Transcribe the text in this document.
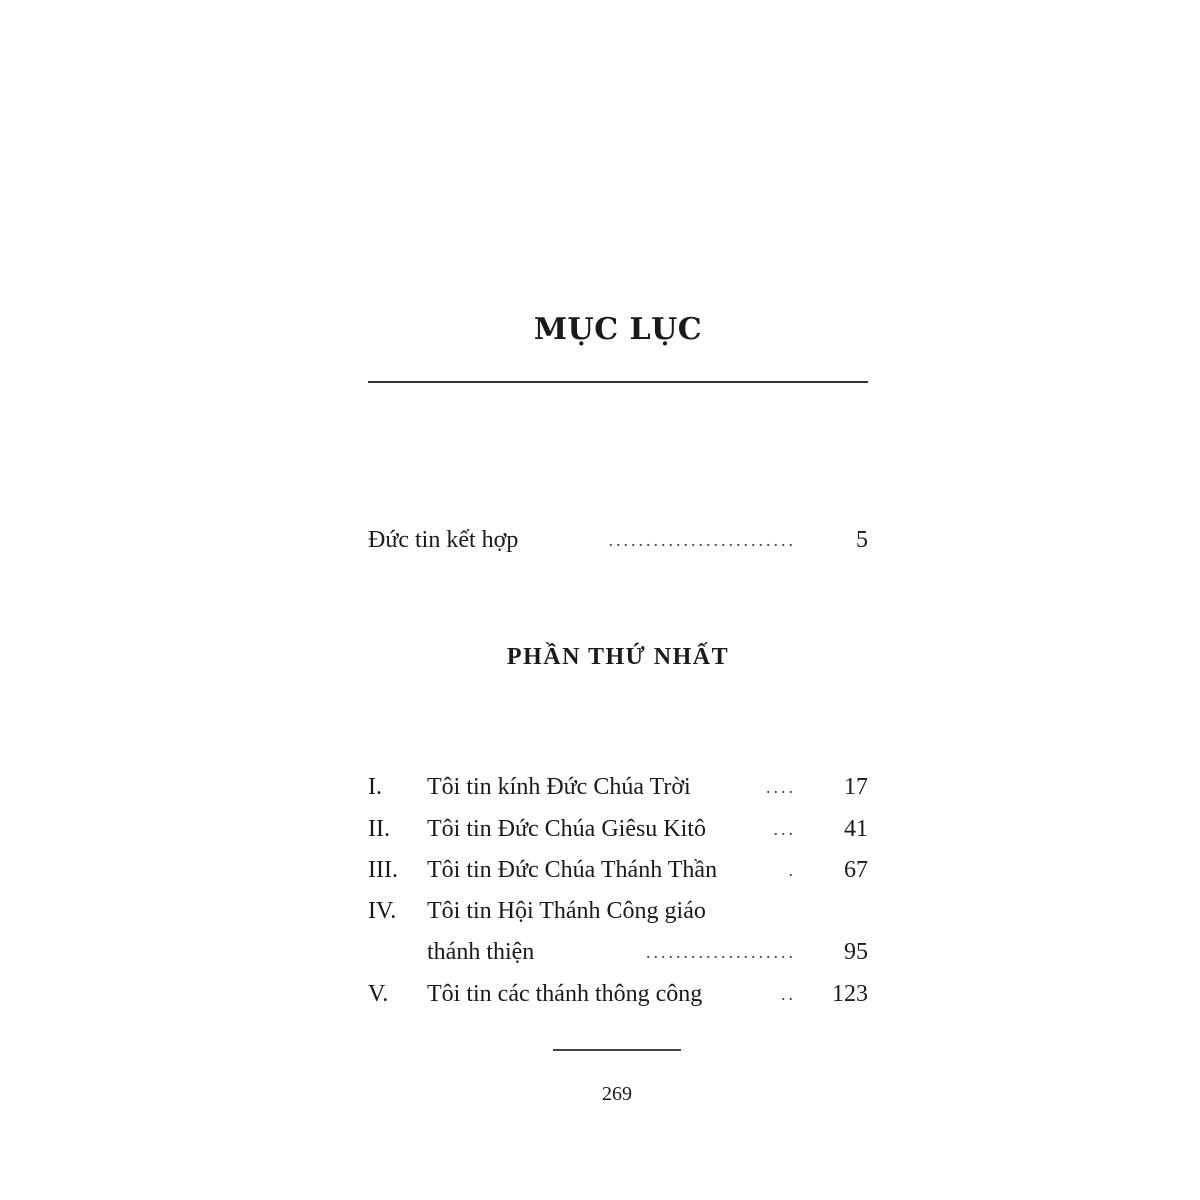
MỤC LỤC
Đức tin kết hợp	.........................	5
PHẦN THỨ NHẤT
I. Tôi tin kính Đức Chúa Trời	.... 17
II. Tôi tin Đức Chúa Giêsu Kitô	... 41
III. Tôi tin Đức Chúa Thánh Thần	. 67
IV. Tôi tin Hội Thánh Công giáo
thánh thiện	.................... 95
V. Tôi tin các thánh thông công	.. 123
269
